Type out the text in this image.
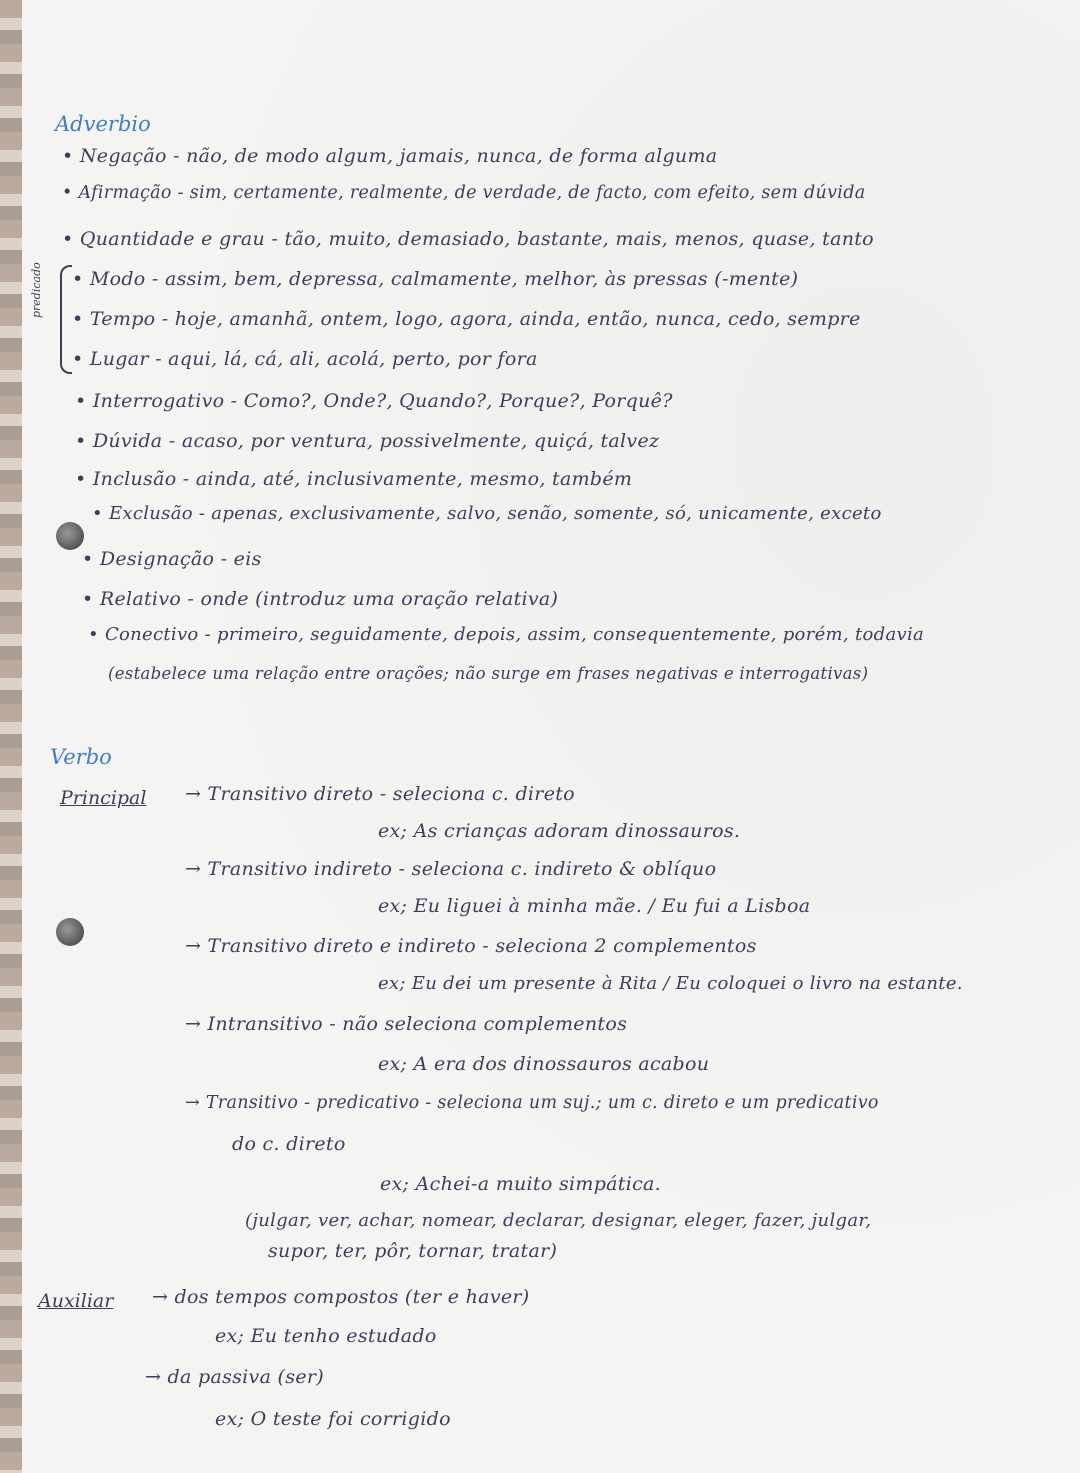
Adverbio
predicado
• Negação - não, de modo algum, jamais, nunca, de forma alguma
• Afirmação - sim, certamente, realmente, de verdade, de facto, com efeito, sem dúvida
• Quantidade e grau - tão, muito, demasiado, bastante, mais, menos, quase, tanto
• Modo - assim, bem, depressa, calmamente, melhor, às pressas (-mente)
• Tempo - hoje, amanhã, ontem, logo, agora, ainda, então, nunca, cedo, sempre
• Lugar - aqui, lá, cá, ali, acolá, perto, por fora
• Interrogativo - Como?, Onde?, Quando?, Porque?, Porquê?
• Dúvida - acaso, por ventura, possivelmente, quiçá, talvez
• Inclusão - ainda, até, inclusivamente, mesmo, também
• Exclusão - apenas, exclusivamente, salvo, senão, somente, só, unicamente, exceto
• Designação - eis
• Relativo - onde (introduz uma oração relativa)
• Conectivo - primeiro, seguidamente, depois, assim, consequentemente, porém, todavia
(estabelece uma relação entre orações; não surge em frases negativas e interrogativas)
Verbo
Principal → Transitivo direto - seleciona c. direto
ex; As crianças adoram dinossauros.
→ Transitivo indireto - seleciona c. indireto & oblíquo
ex; Eu liguei à minha mãe. / Eu fui a Lisboa
→ Transitivo direto e indireto - seleciona 2 complementos
ex; Eu dei um presente à Rita / Eu coloquei o livro na estante.
→ Intransitivo - não seleciona complementos
ex; A era dos dinossauros acabou
→ Transitivo - predicativo - seleciona um suj.; um c. direto e um predicativo
do c. direto
ex; Achei-a muito simpática.
(julgar, ver, achar, nomear, declarar, designar, eleger, fazer, julgar,
supor, ter, pôr, tornar, tratar)
Auxiliar → dos tempos compostos (ter e haver)
ex; Eu tenho estudado
→ da passiva (ser)
ex; O teste foi corrigido
